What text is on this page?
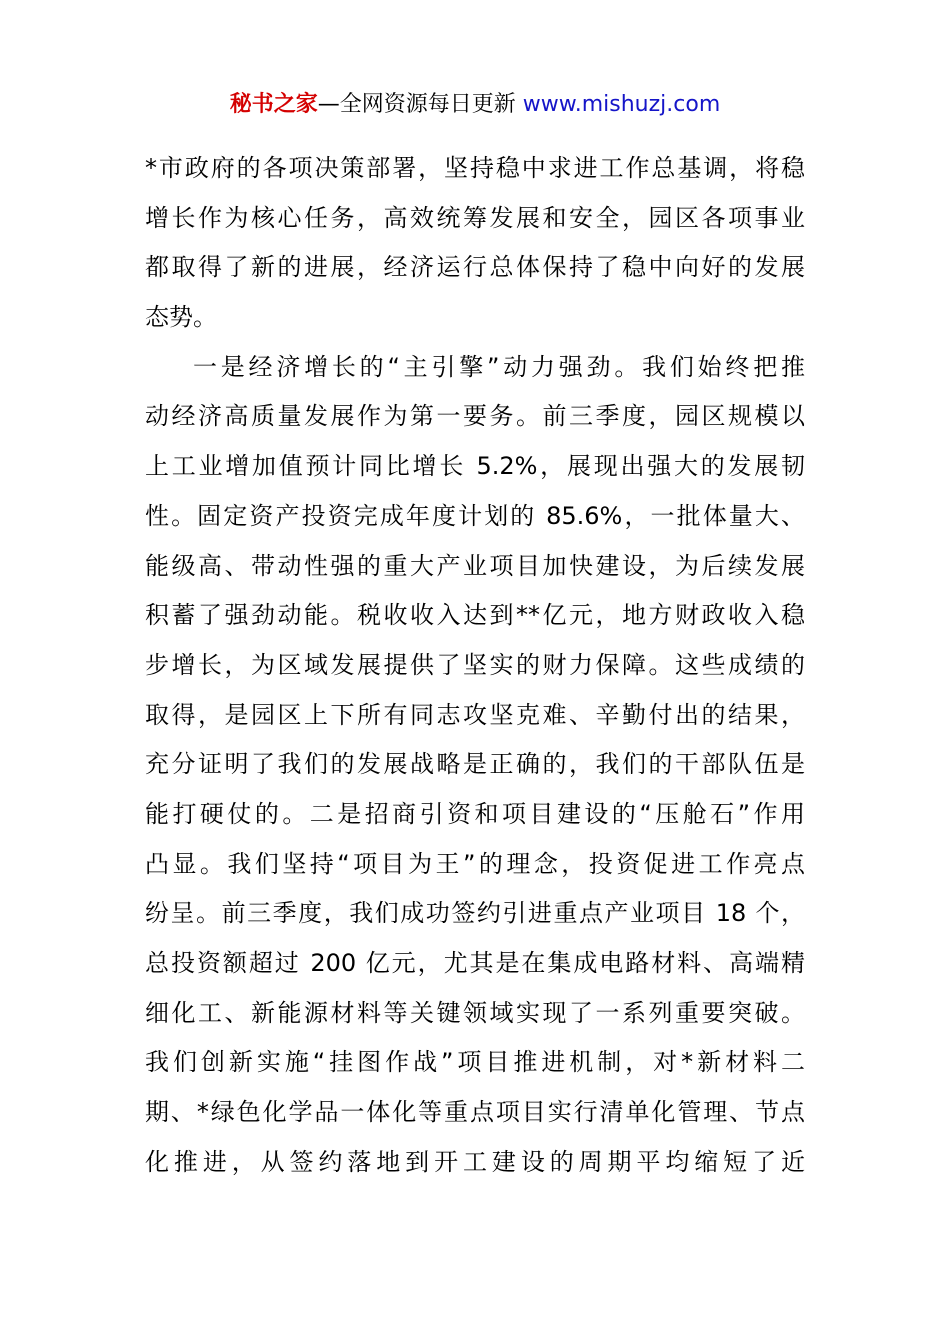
秘书之家—全网资源每日更新 www.mishuzj.com
*市政府的各项决策部署，坚持稳中求进工作总基调，将稳
增长作为核心任务，高效统筹发展和安全，园区各项事业
都取得了新的进展，经济运行总体保持了稳中向好的发展
态势。
一是经济增长的“主引擎”动力强劲。我们始终把推
动经济高质量发展作为第一要务。前三季度，园区规模以
上工业增加值预计同比增长 5.2%，展现出强大的发展韧
性。固定资产投资完成年度计划的 85.6%，一批体量大、
能级高、带动性强的重大产业项目加快建设，为后续发展
积蓄了强劲动能。税收收入达到**亿元，地方财政收入稳
步增长，为区域发展提供了坚实的财力保障。这些成绩的
取得，是园区上下所有同志攻坚克难、辛勤付出的结果，
充分证明了我们的发展战略是正确的，我们的干部队伍是
能打硬仗的。二是招商引资和项目建设的“压舱石”作用
凸显。我们坚持“项目为王”的理念，投资促进工作亮点
纷呈。前三季度，我们成功签约引进重点产业项目 18 个，
总投资额超过 200 亿元，尤其是在集成电路材料、高端精
细化工、新能源材料等关键领域实现了一系列重要突破。
我们创新实施“挂图作战”项目推进机制，对*新材料二
期、*绿色化学品一体化等重点项目实行清单化管理、节点
化推进，从签约落地到开工建设的周期平均缩短了近
